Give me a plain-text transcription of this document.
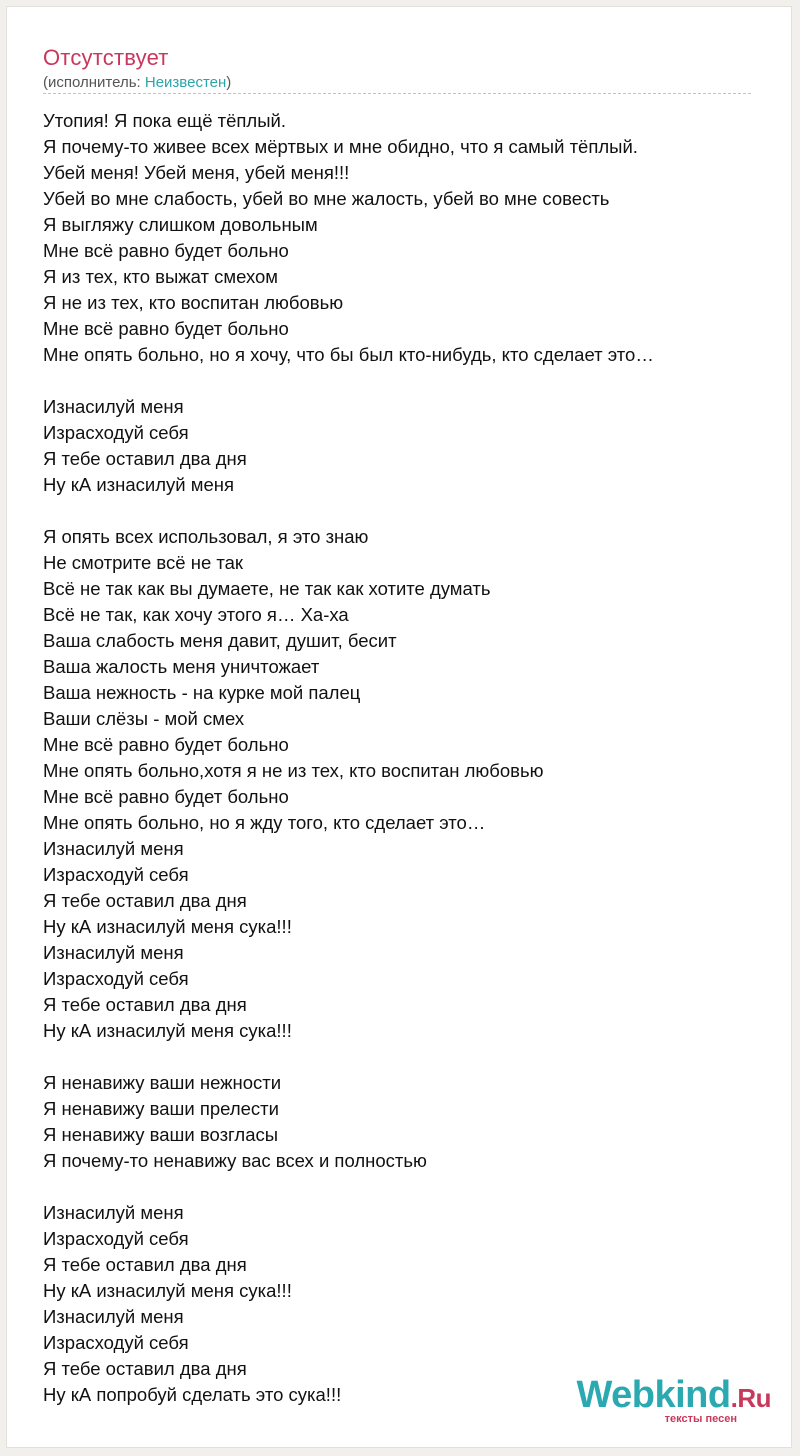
Отсутствует
(исполнитель: Неизвестен)
Утопия! Я пока ещё тёплый.
Я почему-то живее всех мёртвых и мне обидно, что я самый тёплый.
Убей меня! Убей меня, убей меня!!!
Убей во мне слабость, убей во мне жалость, убей во мне совесть
Я выгляжу слишком довольным
Мне всё равно будет больно
Я из тех, кто выжат смехом
Я не из тех, кто воспитан любовью
Мне всё равно будет больно
Мне опять больно, но я хочу, что бы был кто-нибудь, кто сделает это…
Изнасилуй меня
Израсходуй себя
Я тебе оставил два дня
Ну кА изнасилуй меня
Я опять всех использовал, я это знаю
Не смотрите всё не так
Всё не так как вы думаете, не так как хотите думать
Всё не так, как хочу этого я… Ха-ха
Ваша слабость меня давит, душит, бесит
Ваша жалость меня уничтожает
Ваша нежность - на курке мой палец
Ваши слёзы - мой смех
Мне всё равно будет больно
Мне опять больно,хотя я не из тех, кто воспитан любовью
Мне всё равно будет больно
Мне опять больно, но я жду того, кто сделает это…
Изнасилуй меня
Израсходуй себя
Я тебе оставил два дня
Ну кА изнасилуй меня сука!!!
Изнасилуй меня
Израсходуй себя
Я тебе оставил два дня
Ну кА изнасилуй меня сука!!!
Я ненавижу ваши нежности
Я ненавижу ваши прелести
Я ненавижу ваши возгласы
Я почему-то ненавижу вас всех и полностью
Изнасилуй меня
Израсходуй себя
Я тебе оставил два дня
Ну кА изнасилуй меня сука!!!
Изнасилуй меня
Израсходуй себя
Я тебе оставил два дня
Ну кА попробуй сделать это сука!!!	Webkind.Ru
тексты песен
